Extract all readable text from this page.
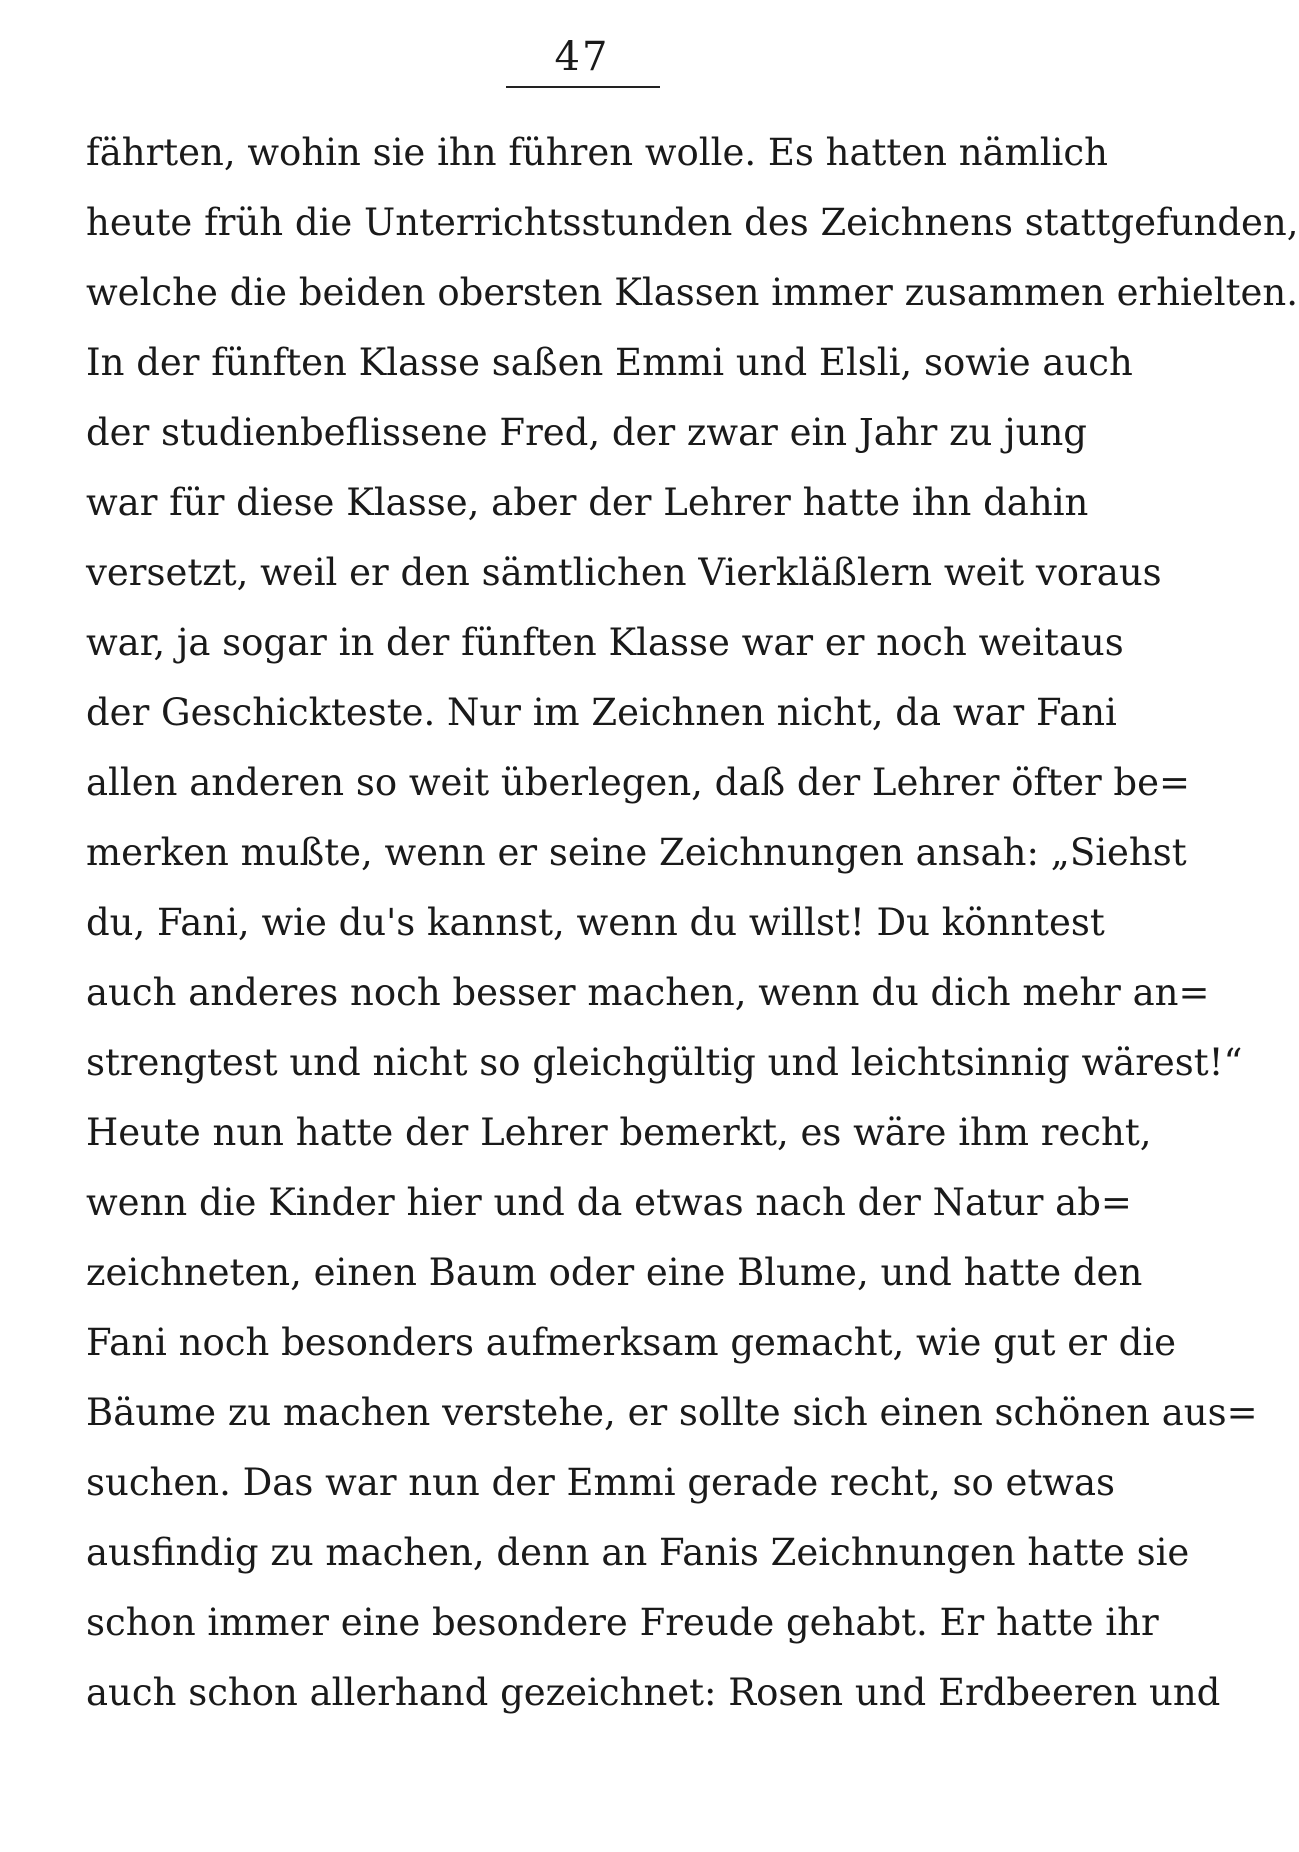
47
fährten, wohin sie ihn führen wolle. Es hatten nämlich
heute früh die Unterrichtsstunden des Zeichnens stattgefunden,
welche die beiden obersten Klassen immer zusammen erhielten.
In der fünften Klasse saßen Emmi und Elsli, sowie auch
der studienbeflissene Fred, der zwar ein Jahr zu jung
war für diese Klasse, aber der Lehrer hatte ihn dahin
versetzt, weil er den sämtlichen Vierkläßlern weit voraus
war, ja sogar in der fünften Klasse war er noch weitaus
der Geschickteste. Nur im Zeichnen nicht, da war Fani
allen anderen so weit überlegen, daß der Lehrer öfter be=
merken mußte, wenn er seine Zeichnungen ansah: „Siehst
du, Fani, wie du's kannst, wenn du willst! Du könntest
auch anderes noch besser machen, wenn du dich mehr an=
strengtest und nicht so gleichgültig und leichtsinnig wärest!“
Heute nun hatte der Lehrer bemerkt, es wäre ihm recht,
wenn die Kinder hier und da etwas nach der Natur ab=
zeichneten, einen Baum oder eine Blume, und hatte den
Fani noch besonders aufmerksam gemacht, wie gut er die
Bäume zu machen verstehe, er sollte sich einen schönen aus=
suchen. Das war nun der Emmi gerade recht, so etwas
ausfindig zu machen, denn an Fanis Zeichnungen hatte sie
schon immer eine besondere Freude gehabt. Er hatte ihr
auch schon allerhand gezeichnet: Rosen und Erdbeeren und
